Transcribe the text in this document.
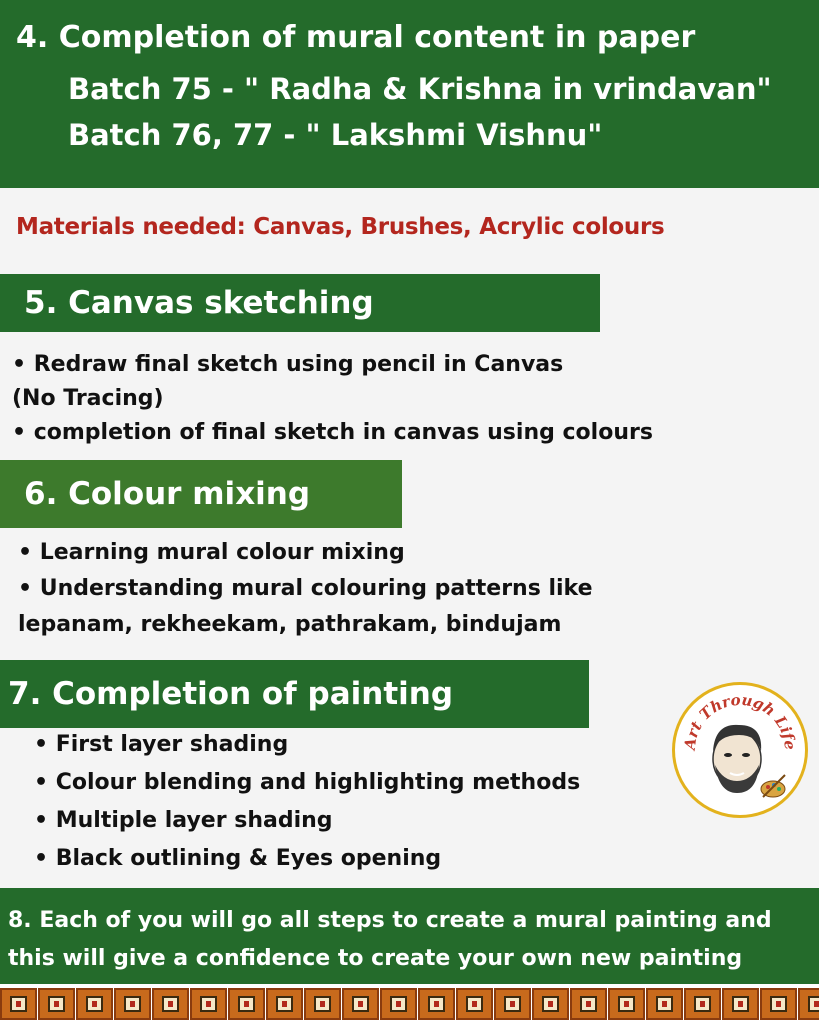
4. Completion of mural content in paper
Batch 75 - " Radha & Krishna in vrindavan"
Batch 76, 77 - " Lakshmi Vishnu"
Materials needed: Canvas, Brushes, Acrylic colours
5. Canvas sketching
• Redraw final sketch using pencil in Canvas
(No Tracing)
• completion of final sketch in canvas using colours
6. Colour mixing
• Learning mural colour mixing
• Understanding mural colouring patterns like
lepanam, rekheekam, pathrakam, bindujam
7. Completion of painting
• First layer shading
• Colour blending and highlighting methods
• Multiple layer shading
• Black outlining & Eyes opening
Art Through Life
8. Each of you will go all steps to create a mural painting and
this will give a confidence to create your own new painting
